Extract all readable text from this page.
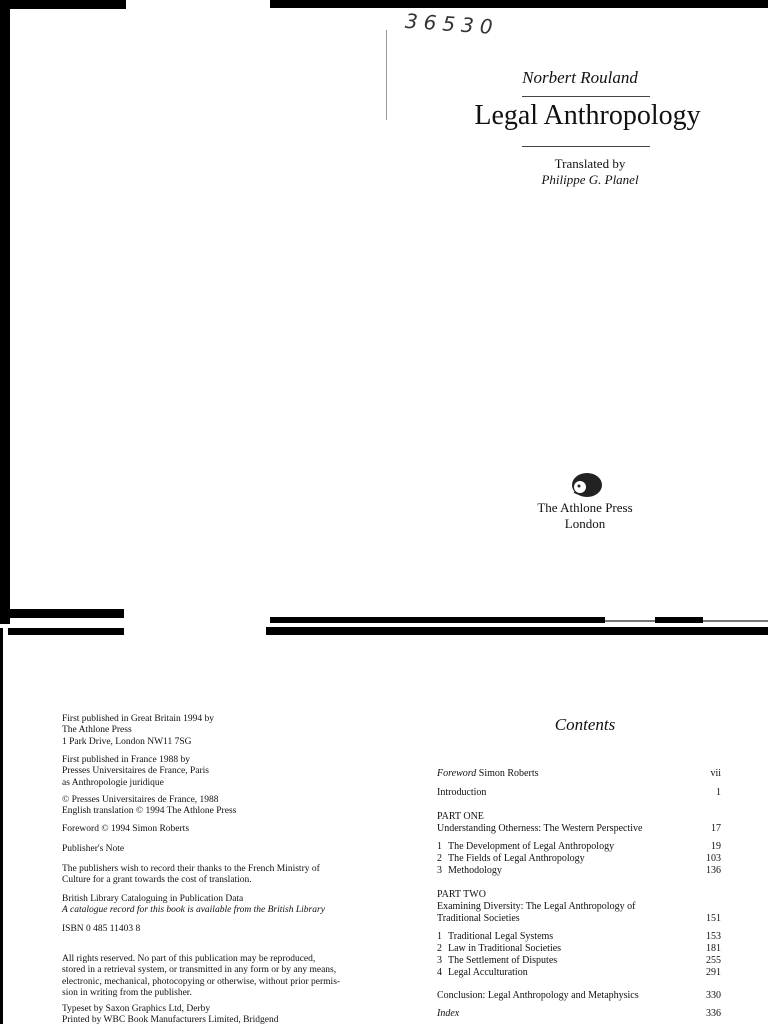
36530
Norbert Rouland
Legal Anthropology
Translated by
Philippe G. Planel
The Athlone Press
London
First published in Great Britain 1994 by
The Athlone Press
1 Park Drive, London NW11 7SG
First published in France 1988 by
Presses Universitaires de France, Paris
as Anthropologie juridique
© Presses Universitaires de France, 1988
English translation © 1994 The Athlone Press
Foreword © 1994 Simon Roberts
Publisher's Note
The publishers wish to record their thanks to the French Ministry of
Culture for a grant towards the cost of translation.
British Library Cataloguing in Publication Data
A catalogue record for this book is available from the British Library
ISBN 0 485 11403 8
All rights reserved. No part of this publication may be reproduced,
stored in a retrieval system, or transmitted in any form or by any means,
electronic, mechanical, photocopying or otherwise, without prior permis-
sion in writing from the publisher.
Typeset by Saxon Graphics Ltd, Derby
Printed by WBC Book Manufacturers Limited, Bridgend
Contents
Foreword Simon Roberts	vii
Introduction	1
PART ONE
Understanding Otherness: The Western Perspective	17
1 The Development of Legal Anthropology	19
2 The Fields of Legal Anthropology	103
3 Methodology	136
PART TWO
Examining Diversity: The Legal Anthropology of
Traditional Societies	151
1 Traditional Legal Systems	153
2 Law in Traditional Societies	181
3 The Settlement of Disputes	255
4 Legal Acculturation	291
Conclusion: Legal Anthropology and Metaphysics	330
Index	336
